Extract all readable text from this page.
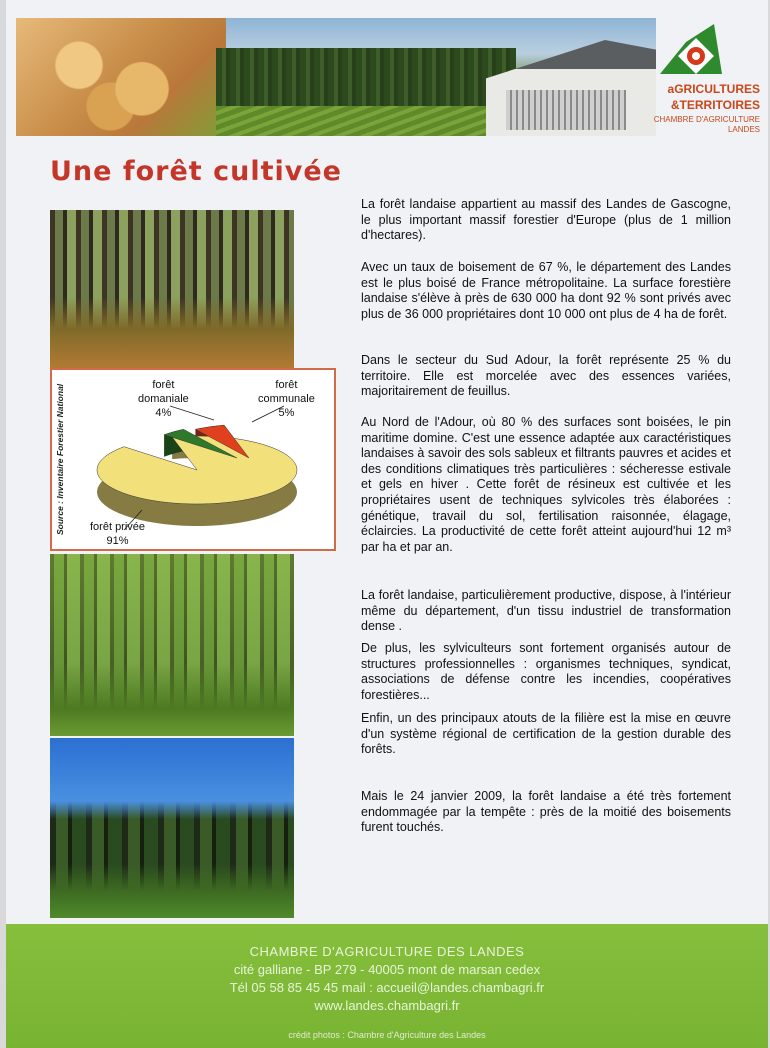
aGRICULTURES
&TERRITOIRES
CHAMBRE D'AGRICULTURE
LANDES
Une forêt cultivée
Source : Inventaire Forestier National	forêt
domaniale
4%
forêt
communale
5%
forêt privée
91%

La forêt landaise appartient au massif des Landes de Gascogne, le plus important massif forestier d'Europe (plus de 1 million d'hectares).

Avec un taux de boisement de 67 %, le département des Landes est le plus boisé de France métropolitaine. La surface forestière landaise s'élève à près de 630 000 ha dont 92 % sont privés avec plus de 36 000 propriétaires dont 10 000 ont plus de 4 ha de forêt.

Dans le secteur du Sud Adour, la forêt représente 25 % du territoire. Elle est morcelée avec des essences variées, majoritairement de feuillus.

Au Nord de l'Adour, où 80 % des surfaces sont boisées, le pin maritime domine. C'est une essence adaptée aux caractéristiques landaises à savoir des sols sableux et filtrants pauvres et acides et des conditions climatiques très particulières : sécheresse estivale et gels en hiver . Cette forêt de résineux est cultivée et les propriétaires usent de techniques sylvicoles très élaborées : génétique, travail du sol, fertilisation raisonnée, élagage, éclaircies. La productivité de cette forêt atteint aujourd'hui 12 m³ par ha et par an.

La forêt landaise, particulièrement productive, dispose, à l'intérieur même du département, d'un tissu industriel de transformation dense .

De plus, les sylviculteurs sont fortement organisés autour de structures professionnelles : organismes techniques, syndicat, associations de défense contre les incendies, coopératives forestières...

Enfin, un des principaux atouts de la filière est la mise en œuvre d'un système régional de certification de la gestion durable des forêts.

Mais le 24 janvier 2009, la forêt landaise a été très fortement endommagée par la tempête : près de la moitié des boisements furent touchés.

CHAMBRE D'AGRICULTURE DES LANDES
cité galliane - BP 279 - 40005 mont de marsan cedex
Tél 05 58 85 45 45 mail : accueil@landes.chambagri.fr
www.landes.chambagri.fr
crédit photos : Chambre d'Agriculture des Landes
